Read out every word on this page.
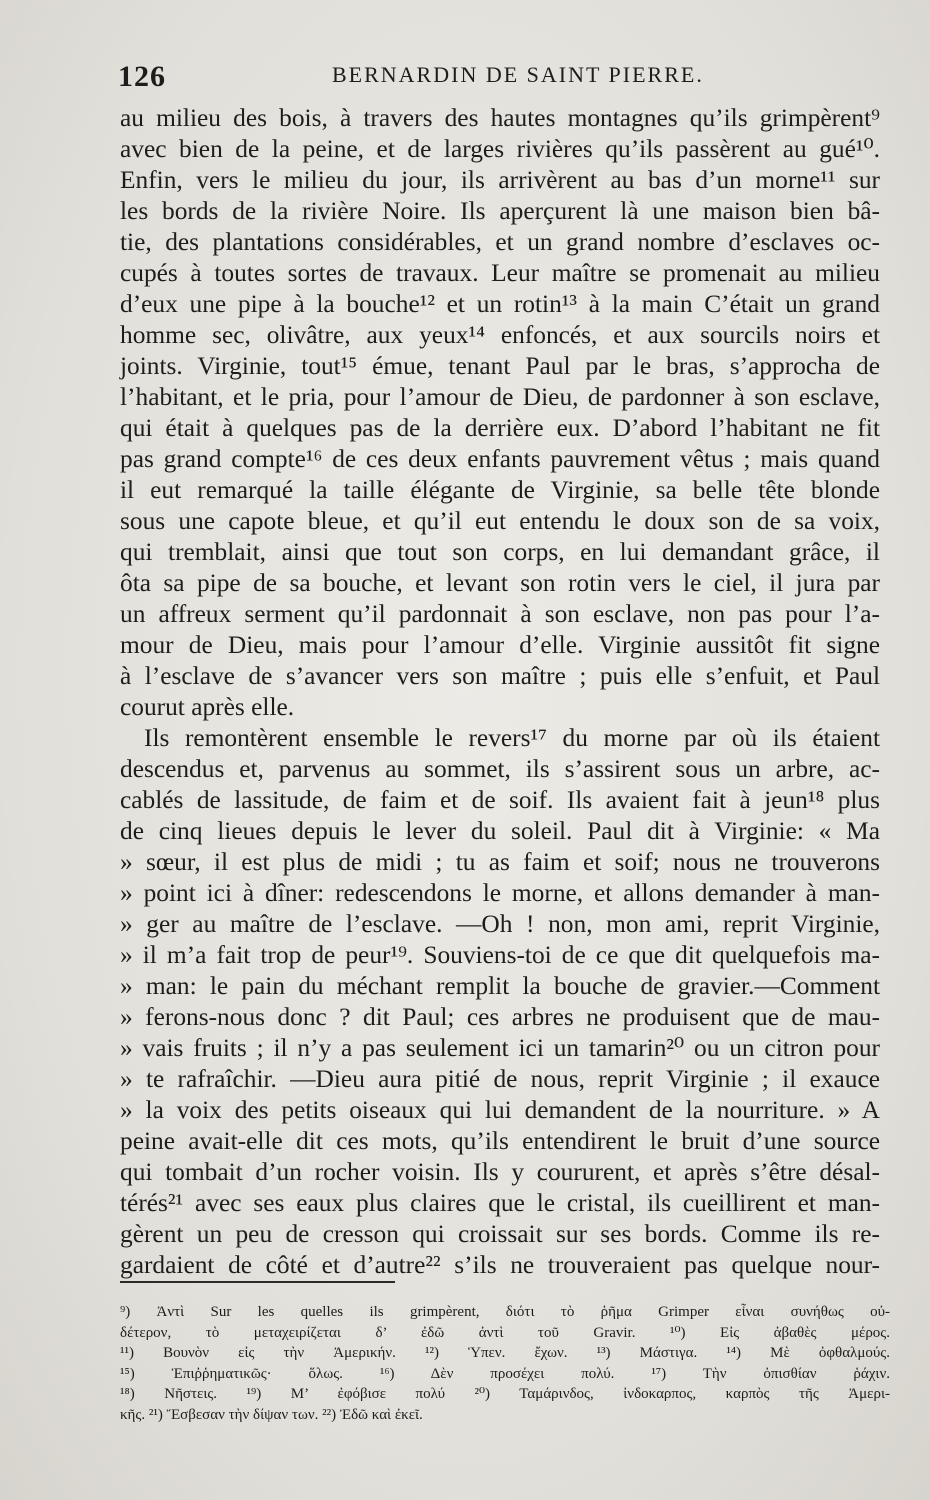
126	BERNARDIN DE SAINT PIERRE.
au milieu des bois, à travers des hautes montagnes qu’ils grimpèrent⁹
avec bien de la peine, et de larges rivières qu’ils passèrent au gué¹⁰.
Enfin, vers le milieu du jour, ils arrivèrent au bas d’un morne¹¹ sur
les bords de la rivière Noire. Ils aperçurent là une maison bien bâ-
tie, des plantations considérables, et un grand nombre d’esclaves oc-
cupés à toutes sortes de travaux. Leur maître se promenait au milieu
d’eux une pipe à la bouche¹² et un rotin¹³ à la main C’était un grand
homme sec, olivâtre, aux yeux¹⁴ enfoncés, et aux sourcils noirs et
joints. Virginie, tout¹⁵ émue, tenant Paul par le bras, s’approcha de
l’habitant, et le pria, pour l’amour de Dieu, de pardonner à son esclave,
qui était à quelques pas de la derrière eux. D’abord l’habitant ne fit
pas grand compte¹⁶ de ces deux enfants pauvrement vêtus ; mais quand
il eut remarqué la taille élégante de Virginie, sa belle tête blonde
sous une capote bleue, et qu’il eut entendu le doux son de sa voix,
qui tremblait, ainsi que tout son corps, en lui demandant grâce, il
ôta sa pipe de sa bouche, et levant son rotin vers le ciel, il jura par
un affreux serment qu’il pardonnait à son esclave, non pas pour l’a-
mour de Dieu, mais pour l’amour d’elle. Virginie aussitôt fit signe
à l’esclave de s’avancer vers son maître ; puis elle s’enfuit, et Paul
courut après elle.
Ils remontèrent ensemble le revers¹⁷ du morne par où ils étaient
descendus et, parvenus au sommet, ils s’assirent sous un arbre, ac-
cablés de lassitude, de faim et de soif. Ils avaient fait à jeun¹⁸ plus
de cinq lieues depuis le lever du soleil. Paul dit à Virginie: « Ma
» sœur, il est plus de midi ; tu as faim et soif; nous ne trouverons
» point ici à dîner: redescendons le morne, et allons demander à man-
» ger au maître de l’esclave. —Oh ! non, mon ami, reprit Virginie,
» il m’a fait trop de peur¹⁹. Souviens-toi de ce que dit quelquefois ma-
» man: le pain du méchant remplit la bouche de gravier.—Comment
» ferons-nous donc ? dit Paul; ces arbres ne produisent que de mau-
» vais fruits ; il n’y a pas seulement ici un tamarin²⁰ ou un citron pour
» te rafraîchir. —Dieu aura pitié de nous, reprit Virginie ; il exauce
» la voix des petits oiseaux qui lui demandent de la nourriture. » A
peine avait-elle dit ces mots, qu’ils entendirent le bruit d’une source
qui tombait d’un rocher voisin. Ils y coururent, et après s’être désal-
térés²¹ avec ses eaux plus claires que le cristal, ils cueillirent et man-
gèrent un peu de cresson qui croissait sur ses bords. Comme ils re-
gardaient de côté et d’autre²² s’ils ne trouveraient pas quelque nour-
⁹) Ἀντὶ Sur les quelles ils grimpèrent, διότι τὸ ῥῆμα Grimper εἶναι συνήθως οὐ-
δέτερον, τὸ μεταχειρίζεται δ’ ἐδῶ ἀντὶ τοῦ Gravir. ¹⁰) Εἰς ἀβαθὲς μέρος.
¹¹) Βουνὸν εἰς τὴν Ἀμερικήν. ¹²) Ὑπεν. ἔχων. ¹³) Μάστιγα. ¹⁴) Μὲ ὀφθαλμούς.
¹⁵) Ἐπιῤῥηματικῶς· ὅλως. ¹⁶) Δὲν προσέχει πολύ. ¹⁷) Τὴν ὀπισθίαν ῥάχιν.
¹⁸) Νῆστεις. ¹⁹) Μ’ ἐφόβισε πολύ ²⁰) Ταμάρινδος, ἰνδοκαρπος, καρπὸς τῆς Ἀμερι-
κῆς. ²¹) Ἔσβεσαν τὴν δίψαν των. ²²) Ἐδῶ καὶ ἐκεῖ.
